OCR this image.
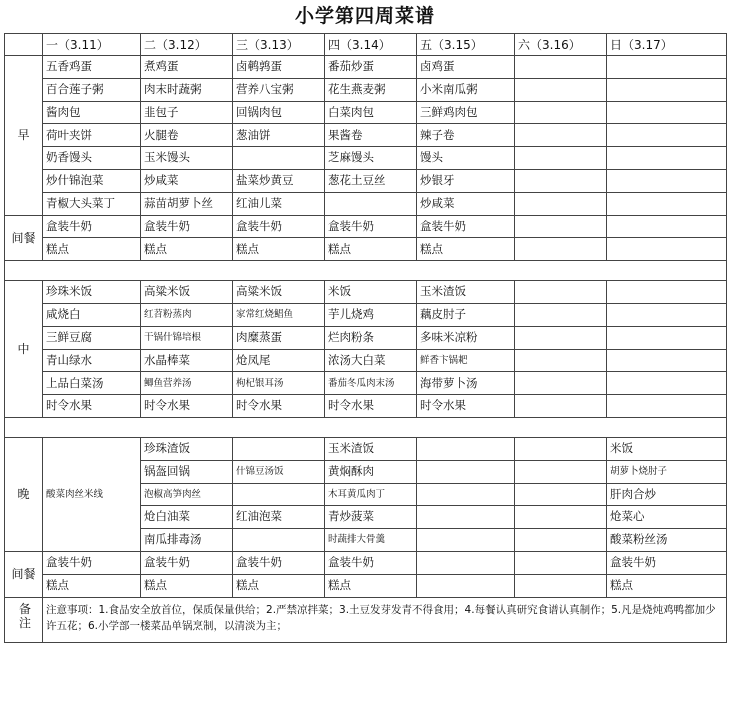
小学第四周菜谱
	一（3.11）	二（3.12）	三（3.13）	四（3.14）	五（3.15）	六（3.16）	日（3.17）

早	五香鸡蛋	煮鸡蛋	卤鹌鹑蛋	番茄炒蛋	卤鸡蛋		
	百合莲子粥	肉末时蔬粥	营养八宝粥	花生燕麦粥	小米南瓜粥		
	酱肉包	韭包子	回锅肉包	白菜肉包	三鲜鸡肉包		
	荷叶夹饼	火腿卷	葱油饼	果酱卷	辣子卷		
	奶香馒头	玉米馒头		芝麻馒头	馒头		
	炒什锦泡菜	炒咸菜	盐菜炒黄豆	葱花土豆丝	炒银牙		
	青椒大头菜丁	蒜苗胡萝卜丝	红油儿菜		炒咸菜		

间餐	盒装牛奶	盒装牛奶	盒装牛奶	盒装牛奶	盒装牛奶		
	糕点	糕点	糕点	糕点	糕点		

中	珍珠米饭	高粱米饭	高粱米饭	米饭	玉米渣饭		
	咸烧白	红苕粉蒸肉	家常红烧鲳鱼	芋儿烧鸡	藕皮肘子		
	三鲜豆腐	干锅什锦培根	肉糜蒸蛋	烂肉粉条	多味米凉粉		
	青山绿水	水晶棒菜	炝凤尾	浓汤大白菜	鲜香卞锅耙		
	上品白菜汤	鲫鱼营养汤	枸杞银耳汤	番茄冬瓜肉末汤	海带萝卜汤		
	时令水果	时令水果	时令水果	时令水果	时令水果		

晚	酸菜肉丝米线	珍珠渣饭		玉米渣饭			米饭
		锅盔回锅	什锦豆汤饭	黄焖酥肉			胡萝卜烧肘子
		泡椒高笋肉丝		木耳黄瓜肉丁			肝肉合炒
		炝白油菜	红油泡菜	青炒菠菜			炝菜心
		南瓜排毒汤		时蔬排大骨羹			酸菜粉丝汤

间餐	盒装牛奶	盒装牛奶	盒装牛奶	盒装牛奶			盒装牛奶
	糕点	糕点	糕点	糕点			糕点

备注	注意事项：1.食品安全放首位，保质保量供给；2.严禁凉拌菜；3.土豆发芽发青不得食用；4.每餐认真研究食谱认真制作；5.凡是烧炖鸡鸭都加少许五花；6.小学部一楼菜品单锅烹制，以清淡为主；						
